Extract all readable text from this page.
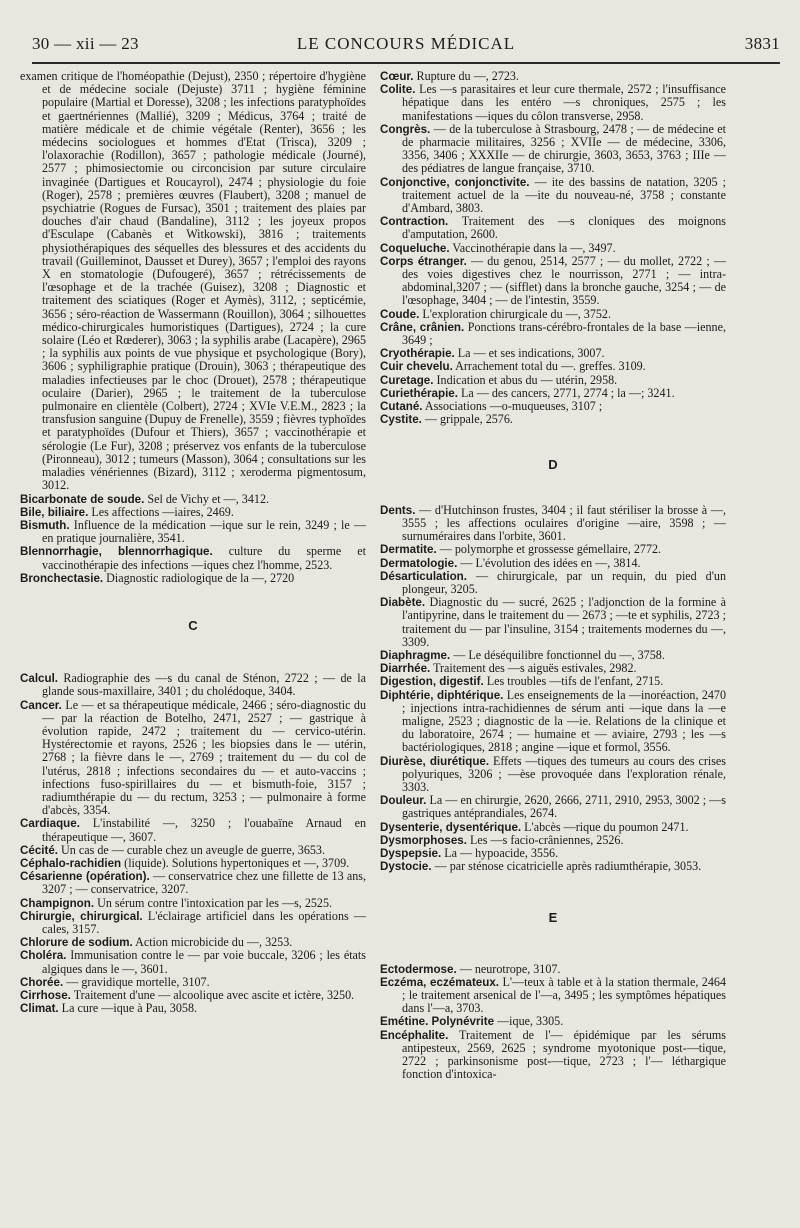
30 — xii — 23	LE CONCOURS MÉDICAL	3831

examen critique de l'homéopathie (Dejust), 2350 ; répertoire d'hygiène et de médecine sociale (Dejuste) 3711 ; hygiène féminine populaire (Martial et Doresse), 3208 ; les infections paratyphoïdes et gaertnériennes (Mallié), 3209 ; Médicus, 3764 ; traité de matière médicale et de chimie végétale (Renter), 3656 ; les médecins sociologues et hommes d'Etat (Trisca), 3209 ; l'olaxorachie (Rodillon), 3657 ; pathologie médicale (Journé), 2577 ; phimosiectomie ou circoncision par suture circulaire invaginée (Dartigues et Roucayrol), 2474 ; physiologie du foie (Roger), 2578 ; premières œuvres (Flaubert), 3208 ; manuel de psychiatrie (Rogues de Fursac), 3501 ; traitement des plaies par douches d'air chaud (Bandaline), 3112 ; les joyeux propos d'Esculape (Cabanès et Witkowski), 3816 ; traitements physiothérapiques des séquelles des blessures et des accidents du travail (Guilleminot, Dausset et Durey), 3657 ; l'emploi des rayons X en stomatologie (Dufougeré), 3657 ; rétrécissements de l'œsophage et de la trachée (Guisez), 3208 ; Diagnostic et traitement des sciatiques (Roger et Aymès), 3112, ; septicémie, 3656 ; séro-réaction de Wassermann (Rouillon), 3064 ; silhouettes médico-chirurgicales humoristiques (Dartigues), 2724 ; la cure solaire (Léo et Rœderer), 3063 ; la syphilis arabe (Lacapère), 2965 ; la syphilis aux points de vue physique et psychologique (Bory), 3606 ; syphiligraphie pratique (Drouin), 3063 ; thérapeutique des maladies infectieuses par le choc (Drouet), 2578 ; thérapeutique oculaire (Darier), 2965 ; le traitement de la tuberculose pulmonaire en clientèle (Colbert), 2724 ; XVIe V.E.M., 2823 ; la transfusion sanguine (Dupuy de Frenelle), 3559 ; fièvres typhoïdes et paratyphoïdes (Dufour et Thiers), 3657 ; vaccinothérapie et sérologie (Le Fur), 3208 ; préservez vos enfants de la tuberculose (Pironneau), 3012 ; tumeurs (Masson), 3064 ; consultations sur les maladies vénériennes (Bizard), 3112 ; xeroderma pigmentosum, 3012.

Bicarbonate de soude. Sel de Vichy et —, 3412.

Bile, biliaire. Les affections —iaires, 2469.

Bismuth. Influence de la médication —ique sur le rein, 3249 ; le — en pratique journalière, 3541.

Blennorrhagie, blennorrhagique. culture du sperme et vaccinothérapie des infections —iques chez l'homme, 2523.

Bronchectasie. Diagnostic radiologique de la —, 2720

C

Calcul. Radiographie des —s du canal de Sténon, 2722 ; — de la glande sous-maxillaire, 3401 ; du cholédoque, 3404.

Cancer. Le — et sa thérapeutique médicale, 2466 ; séro-diagnostic du — par la réaction de Botelho, 2471, 2527 ; — gastrique à évolution rapide, 2472 ; traitement du — cervico-utérin. Hystérectomie et rayons, 2526 ; les biopsies dans le — utérin, 2768 ; la fièvre dans le —, 2769 ; traitement du — du col de l'utérus, 2818 ; infections secondaires du — et auto-vaccins ; infections fuso-spirillaires du — et bismuth-foie, 3157 ; radiumthérapie du — du rectum, 3253 ; — pulmonaire à forme d'abcès, 3354.

Cardiaque. L'instabilité —, 3250 ; l'ouabaïne Arnaud en thérapeutique —, 3607.

Cécité. Un cas de — curable chez un aveugle de guerre, 3653.

Céphalo-rachidien (liquide). Solutions hypertoniques et —, 3709.

Césarienne (opération). — conservatrice chez une fillette de 13 ans, 3207 ; — conservatrice, 3207.

Champignon. Un sérum contre l'intoxication par les —s, 2525.

Chirurgie, chirurgical. L'éclairage artificiel dans les opérations —cales, 3157.

Chlorure de sodium. Action microbicide du —, 3253.

Choléra. Immunisation contre le — par voie buccale, 3206 ; les états algiques dans le —, 3601.

Chorée. — gravidique mortelle, 3107.

Cirrhose. Traitement d'une — alcoolique avec ascite et ictère, 3250.

Climat. La cure —ique à Pau, 3058.

Cœur. Rupture du —, 2723.

Colite. Les —s parasitaires et leur cure thermale, 2572 ; l'insuffisance hépatique dans les entéro —s chroniques, 2575 ; les manifestations —iques du côlon transverse, 2958.

Congrès. — de la tuberculose à Strasbourg, 2478 ; — de médecine et de pharmacie militaires, 3256 ; XVIIe — de médecine, 3306, 3356, 3406 ; XXXIIe — de chirurgie, 3603, 3653, 3763 ; IIIe — des pédiatres de langue française, 3710.

Conjonctive, conjonctivite. — ite des bassins de natation, 3205 ; traitement actuel de la —ite du nouveau-né, 3758 ; constante d'Ambard, 3803.

Contraction. Traitement des —s cloniques des moignons d'amputation, 2600.

Coqueluche. Vaccinothérapie dans la —, 3497.

Corps étranger. — du genou, 2514, 2577 ; — du mollet, 2722 ; — des voies digestives chez le nourrisson, 2771 ; — intra-abdominal,3207 ; — (sifflet) dans la bronche gauche, 3254 ; — de l'œsophage, 3404 ; — de l'intestin, 3559.

Coude. L'exploration chirurgicale du —, 3752.

Crâne, crânien. Ponctions trans-cérébro-frontales de la base —ienne, 3649 ;

Cryothérapie. La — et ses indications, 3007.

Cuir chevelu. Arrachement total du —. greffes. 3109.

Curetage. Indication et abus du — utérin, 2958.

Curiethérapie. La — des cancers, 2771, 2774 ; la —; 3241.

Cutané. Associations —o-muqueuses, 3107 ;

Cystite. — grippale, 2576.

D

Dents. — d'Hutchinson frustes, 3404 ; il faut stériliser la brosse à —, 3555 ; les affections oculaires d'origine —aire, 3598 ; — surnuméraires dans l'orbite, 3601.

Dermatite. — polymorphe et grossesse gémellaire, 2772.

Dermatologie. — L'évolution des idées en —, 3814.

Désarticulation. — chirurgicale, par un requin, du pied d'un plongeur, 3205.

Diabète. Diagnostic du — sucré, 2625 ; l'adjonction de la formine à l'antipyrine, dans le traitement du — 2673 ; —te et syphilis, 2723 ; traitement du — par l'insuline, 3154 ; traitements modernes du —, 3309.

Diaphragme. — Le déséquilibre fonctionnel du —, 3758.

Diarrhée. Traitement des —s aiguës estivales, 2982.

Digestion, digestif. Les troubles —tifs de l'enfant, 2715.

Diphtérie, diphtérique. Les enseignements de la —inoréaction, 2470 ; injections intra-rachidiennes de sérum anti —ique dans la —e maligne, 2523 ; diagnostic de la —ie. Relations de la clinique et du laboratoire, 2674 ; — humaine et — aviaire, 2793 ; les —s bactériologiques, 2818 ; angine —ique et formol, 3556.

Diurèse, diurétique. Effets —tiques des tumeurs au cours des crises polyuriques, 3206 ; —èse provoquée dans l'exploration rénale, 3303.

Douleur. La — en chirurgie, 2620, 2666, 2711, 2910, 2953, 3002 ; —s gastriques antéprandiales, 2674.

Dysenterie, dysentérique. L'abcès —rique du poumon 2471.

Dysmorphoses. Les —s facio-crâniennes, 2526.

Dyspepsie. La — hypoacide, 3556.

Dystocie. — par sténose cicatricielle après radiumthérapie, 3053.

E

Ectodermose. — neurotrope, 3107.

Eczéma, eczémateux. L'—teux à table et à la station thermale, 2464 ; le traitement arsenical de l'—a, 3495 ; les symptômes hépatiques dans l'—a, 3703.

Emétine. Polynévrite —ique, 3305.

Encéphalite. Traitement de l'— épidémique par les sérums antipesteux, 2569, 2625 ; syndrome myotonique post-—tique, 2722 ; parkinsonisme post-—tique, 2723 ; l'— léthargique fonction d'intoxica-
